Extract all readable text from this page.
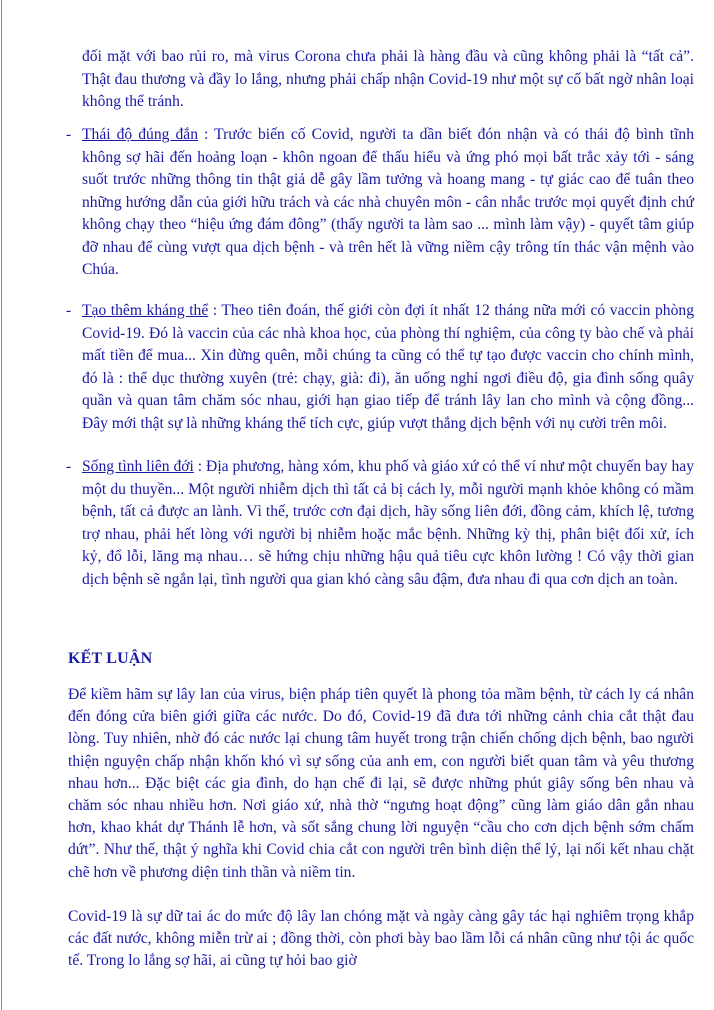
đối mặt với bao rủi ro, mà virus Corona chưa phải là hàng đầu và cũng không phải là “tất cả”. Thật đau thương và đầy lo lắng, nhưng phải chấp nhận Covid-19 như một sự cố bất ngờ nhân loại không thể tránh.
- Thái độ đúng đắn : Trước biến cố Covid, người ta dần biết đón nhận và có thái độ bình tĩnh không sợ hãi đến hoảng loạn - khôn ngoan để thấu hiểu và ứng phó mọi bất trắc xảy tới - sáng suốt trước những thông tin thật giả dễ gây lầm tưởng và hoang mang - tự giác cao để tuân theo những hướng dẫn của giới hữu trách và các nhà chuyên môn - cân nhắc trước mọi quyết định chứ không chạy theo “hiệu ứng đám đông” (thấy người ta làm sao ... mình làm vậy) - quyết tâm giúp đỡ nhau để cùng vượt qua dịch bệnh - và trên hết là vững niềm cậy trông tín thác vận mệnh vào Chúa.
- Tạo thêm kháng thể : Theo tiên đoán, thế giới còn đợi ít nhất 12 tháng nữa mới có vaccin phòng Covid-19. Đó là vaccin của các nhà khoa học, của phòng thí nghiệm, của công ty bào chế và phải mất tiền để mua... Xin đừng quên, mỗi chúng ta cũng có thể tự tạo được vaccin cho chính mình, đó là : thể dục thường xuyên (trẻ: chạy, già: đi), ăn uống nghỉ ngơi điều độ, gia đình sống quây quần và quan tâm chăm sóc nhau, giới hạn giao tiếp để tránh lây lan cho mình và cộng đồng... Đây mới thật sự là những kháng thể tích cực, giúp vượt thắng dịch bệnh với nụ cười trên môi.
- Sống tình liên đới : Địa phương, hàng xóm, khu phố và giáo xứ có thể ví như một chuyến bay hay một du thuyền... Một người nhiễm dịch thì tất cả bị cách ly, mỗi người mạnh khỏe không có mầm bệnh, tất cả được an lành. Vì thế, trước cơn đại dịch, hãy sống liên đới, đồng cảm, khích lệ, tương trợ nhau, phải hết lòng với người bị nhiễm hoặc mắc bệnh. Những kỳ thị, phân biệt đối xử, ích kỷ, đổ lỗi, lăng mạ nhau… sẽ hứng chịu những hậu quả tiêu cực khôn lường ! Có vậy thời gian dịch bệnh sẽ ngắn lại, tình người qua gian khó càng sâu đậm, đưa nhau đi qua cơn dịch an toàn.
KẾT LUẬN
Để kiềm hãm sự lây lan của virus, biện pháp tiên quyết là phong tỏa mầm bệnh, từ cách ly cá nhân đến đóng cửa biên giới giữa các nước. Do đó, Covid-19 đã đưa tới những cảnh chia cắt thật đau lòng. Tuy nhiên, nhờ đó các nước lại chung tâm huyết trong trận chiến chống dịch bệnh, bao người thiện nguyện chấp nhận khốn khó vì sự sống của anh em, con người biết quan tâm và yêu thương nhau hơn... Đặc biệt các gia đình, do hạn chế đi lại, sẽ được những phút giây sống bên nhau và chăm sóc nhau nhiều hơn. Nơi giáo xứ, nhà thờ “ngưng hoạt động” cũng làm giáo dân gắn nhau hơn, khao khát dự Thánh lễ hơn, và sốt sắng chung lời nguyện “cầu cho cơn dịch bệnh sớm chấm dứt”. Như thế, thật ý nghĩa khi Covid chia cắt con người trên bình diện thể lý, lại nối kết nhau chặt chẽ hơn về phương diện tinh thần và niềm tin.
Covid-19 là sự dữ tai ác do mức độ lây lan chóng mặt và ngày càng gây tác hại nghiêm trọng khắp các đất nước, không miễn trừ ai ; đồng thời, còn phơi bày bao lầm lỗi cá nhân cũng như tội ác quốc tế. Trong lo lắng sợ hãi, ai cũng tự hỏi bao giờ
